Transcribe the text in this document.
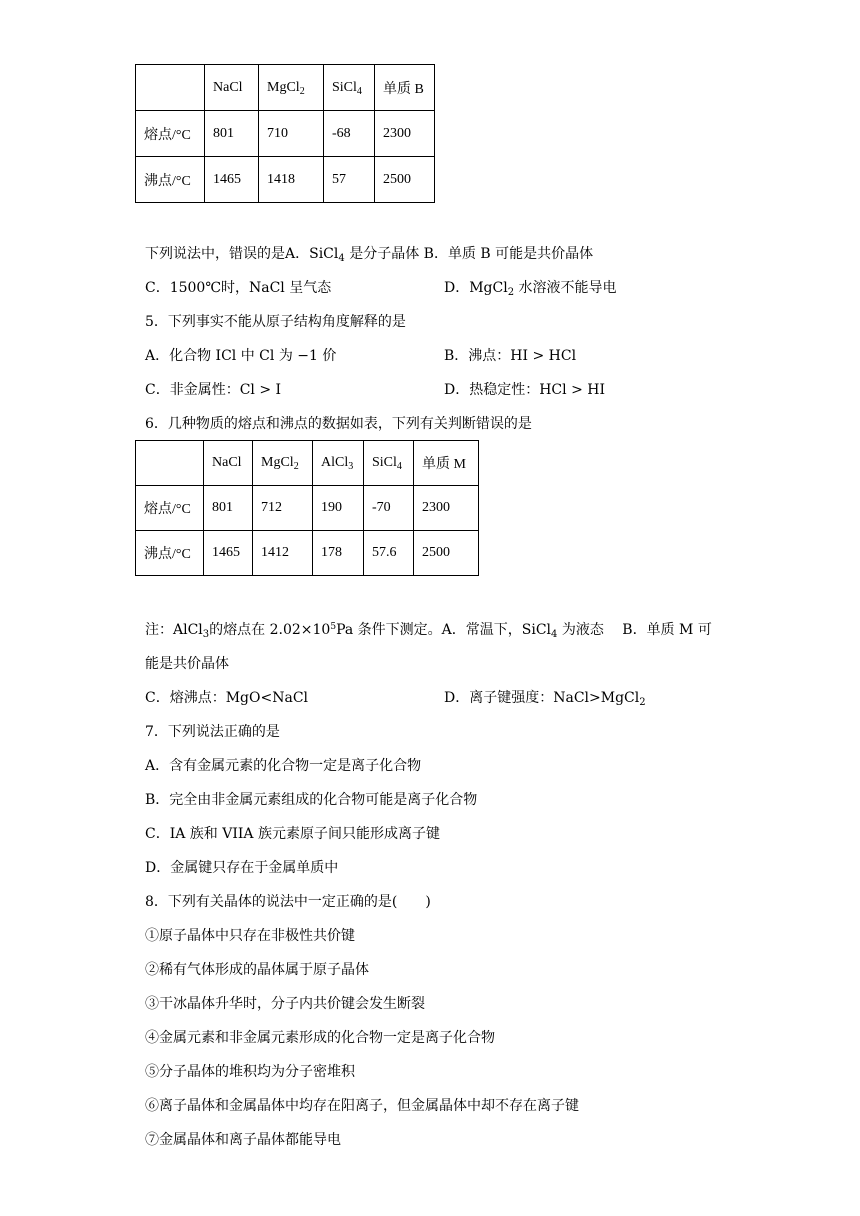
	NaCl	MgCl$_2$	SiCl$_4$	单质 B
熔点/°C	801	710	-68	2300
沸点/°C	1465	1418	57	2500
下列说法中，错误的是A．SiCl$_4$ 是分子晶体 B．单质 B 可能是共价晶体
C．1500℃时，NaCl 呈气态	D．MgCl$_2$ 水溶液不能导电
5．下列事实不能从原子结构角度解释的是
A．化合物 ICl 中 Cl 为 −1 价	B．沸点：HI > HCl
C．非金属性：Cl > I	D．热稳定性：HCl > HI
6．几种物质的熔点和沸点的数据如表，下列有关判断错误的是
	NaCl	MgCl$_2$	AlCl$_3$	SiCl$_4$	单质 M
熔点/°C	801	712	190	-70	2300
沸点/°C	1465	1412	178	57.6	2500
注：AlCl$_3$的熔点在 $2.02\times 10^5Pa$ 条件下测定。A．常温下，SiCl$_4$ 为液态　 B．单质 M 可
能是共价晶体
C．熔沸点：MgO<NaCl	D．离子键强度：NaCl>MgCl$_2$
7．下列说法正确的是
A．含有金属元素的化合物一定是离子化合物
B．完全由非金属元素组成的化合物可能是离子化合物
C．IA 族和 VIIA 族元素原子间只能形成离子键
D．金属键只存在于金属单质中
8．下列有关晶体的说法中一定正确的是(　　)
①原子晶体中只存在非极性共价键
②稀有气体形成的晶体属于原子晶体
③干冰晶体升华时，分子内共价键会发生断裂
④金属元素和非金属元素形成的化合物一定是离子化合物
⑤分子晶体的堆积均为分子密堆积
⑥离子晶体和金属晶体中均存在阳离子，但金属晶体中却不存在离子键
⑦金属晶体和离子晶体都能导电
